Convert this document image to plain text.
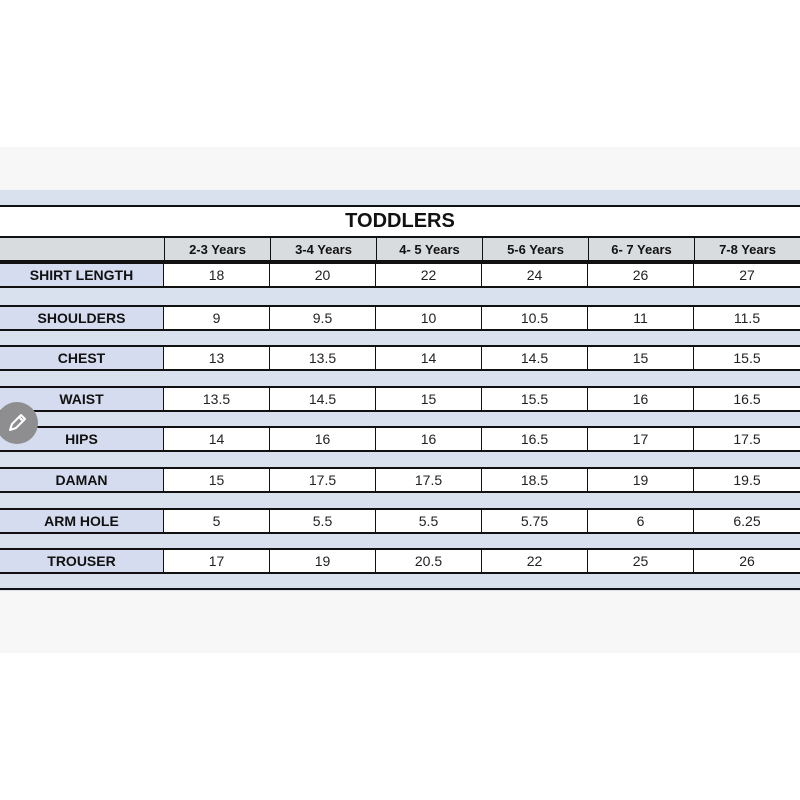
TODDLERS
2-3 Years	3-4 Years	4- 5 Years	5-6 Years	6- 7 Years	7-8 Years
SHIRT LENGTH	18	20	22	24	26	27
SHOULDERS	9	9.5	10	10.5	11	11.5
CHEST	13	13.5	14	14.5	15	15.5
WAIST	13.5	14.5	15	15.5	16	16.5
HIPS	14	16	16	16.5	17	17.5
DAMAN	15	17.5	17.5	18.5	19	19.5
ARM HOLE	5	5.5	5.5	5.75	6	6.25
TROUSER	17	19	20.5	22	25	26
